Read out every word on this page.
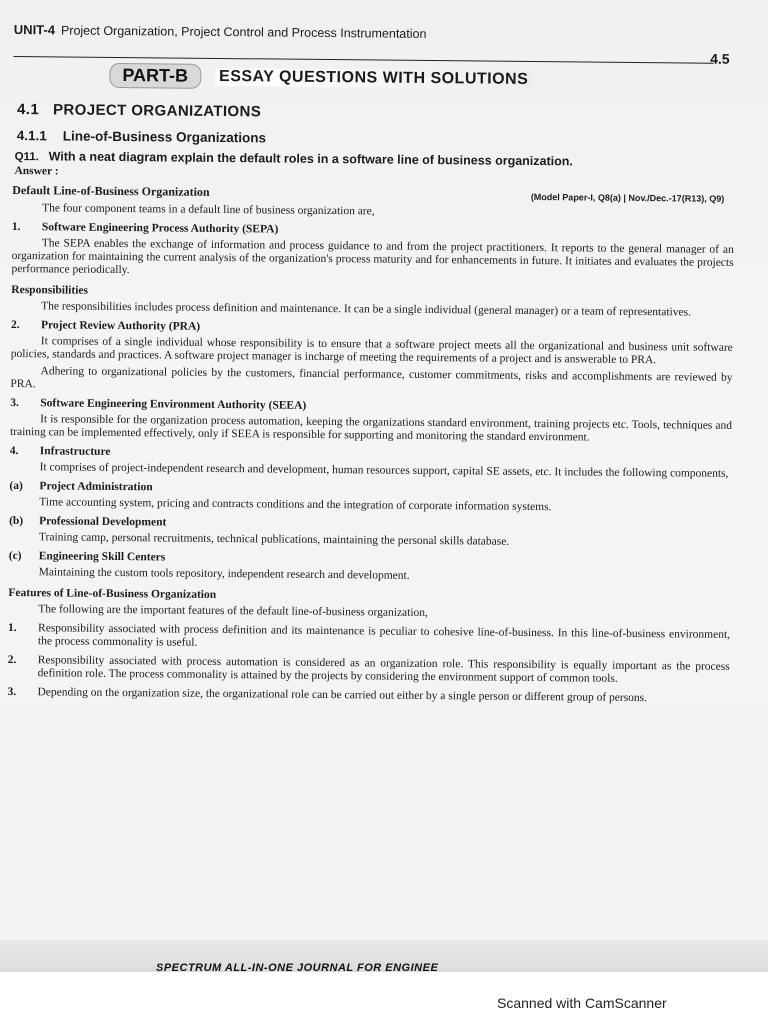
UNIT-4 Project Organization, Project Control and Process Instrumentation
4.5
PART-B	ESSAY QUESTIONS WITH SOLUTIONS
4.1 PROJECT ORGANIZATIONS
4.1.1 Line-of-Business Organizations
Q11. With a neat diagram explain the default roles in a software line of business organization.
Answer :
Default Line-of-Business Organization	(Model Paper-I, Q8(a) | Nov./Dec.-17(R13), Q9)

The four component teams in a default line of business organization are,

1.	Software Engineering Process Authority (SEPA)

The SEPA enables the exchange of information and process guidance to and from the project practitioners. It reports to the general manager of an organization for maintaining the current analysis of the organization's process maturity and for enhancements in future. It initiates and evaluates the projects performance periodically.

Responsibilities

The responsibilities includes process definition and maintenance. It can be a single individual (general manager) or a team of representatives.

2.	Project Review Authority (PRA)

It comprises of a single individual whose responsibility is to ensure that a software project meets all the organizational and business unit software policies, standards and practices. A software project manager is incharge of meeting the requirements of a project and is answerable to PRA.

Adhering to organizational policies by the customers, financial performance, customer commitments, risks and accomplishments are reviewed by PRA.

3.	Software Engineering Environment Authority (SEEA)

It is responsible for the organization process automation, keeping the organizations standard environment, training projects etc. Tools, techniques and training can be implemented effectively, only if SEEA is responsible for supporting and monitoring the standard environment.

4.	Infrastructure

It comprises of project-independent research and development, human resources support, capital SE assets, etc. It includes the following components,

(a)	Project Administration

Time accounting system, pricing and contracts conditions and the integration of corporate information systems.

(b)	Professional Development

Training camp, personal recruitments, technical publications, maintaining the personal skills database.

(c)	Engineering Skill Centers

Maintaining the custom tools repository, independent research and development.

Features of Line-of-Business Organization

The following are the important features of the default line-of-business organization,

1.	Responsibility associated with process definition and its maintenance is peculiar to cohesive line-of-business. In this line-of-business environment, the process commonality is useful.
2.	Responsibility associated with process automation is considered as an organization role. This responsibility is equally important as the process definition role. The process commonality is attained by the projects by considering the environment support of common tools.
3.	Depending on the organization size, the organizational role can be carried out either by a single person or different group of persons.
SPECTRUM ALL-IN-ONE JOURNAL FOR ENGINEE
Scanned with CamScanner
